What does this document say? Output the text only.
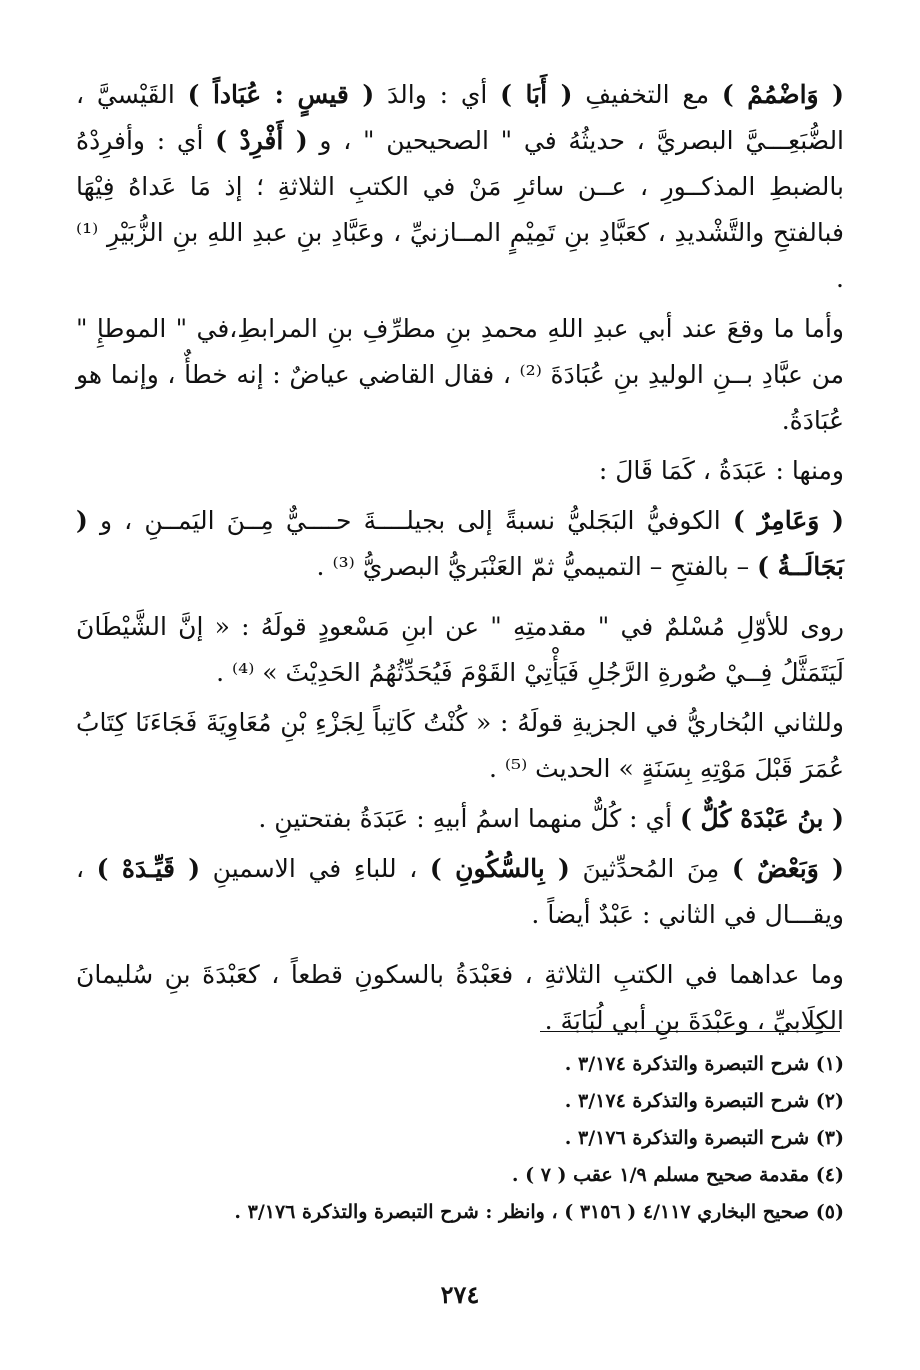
( وَاضْمُمْ ) مع التخفيفِ ( أَبَا ) أي : والدَ ( قيسٍ : عُبَاداً ) القَيْسيَّ ، الضُّبَعِـــيَّ البصريَّ ، حديثُهُ في " الصحيحين " ، و ( أَفْرِدْ ) أي : وأفرِدْهُ بالضبطِ المذكــورِ ، عــن سائرِ مَنْ في الكتبِ الثلاثةِ ؛ إذ مَا عَداهُ فِيْهَا فبالفتحِ والتَّشْديدِ ، كعَبَّادِ بنِ تَمِيْمٍ المــازنيِّ ، وعَبَّادِ بنِ عبدِ اللهِ بنِ الزُّبَيْرِ ⁽¹⁾ .

وأما ما وقعَ عند أبي عبدِ اللهِ محمدِ بنِ مطرِّفِ بنِ المرابطِ،في " الموطإِ " من عبَّادِ بــنِ الوليدِ بنِ عُبَادَةَ ⁽²⁾ ، فقال القاضي عياضٌ : إنه خطأٌ ، وإنما هو عُبَادَةُ.

ومنها : عَبَدَةُ ، كَمَا قَالَ :

( وَعَامِرٌ ) الكوفيُّ البَجَليُّ نسبةً إلى بجيلــــةَ حــــيٌّ مِــنَ اليَمــنِ ، و ( بَجَالَــةُ ) – بالفتحِ – التميميُّ ثمّ العَنْبَريُّ البصريُّ ⁽³⁾ .

روى للأوّلِ مُسْلمٌ في " مقدمتِهِ " عن ابنِ مَسْعودٍ قولَهُ : « إنَّ الشَّيْطَانَ لَيَتَمَثَّلُ فِــيْ صُورةِ الرَّجُلِ فَيَأْتِيْ القَوْمَ فَيُحَدِّثُهُمُ الحَدِيْثَ » ⁽⁴⁾ .

وللثاني البُخاريُّ في الجزيةِ قولَهُ : « كُنْتُ كَاتِباً لِجَزْءِ بْنِ مُعَاوِيَةَ فَجَاءَنَا كِتَابُ عُمَرَ قَبْلَ مَوْتِهِ بِسَنَةٍ » الحديث ⁽⁵⁾ .

( بنُ عَبْدَهْ كُلٌّ ) أي : كُلٌّ منهما اسمُ أبيهِ : عَبَدَةُ بفتحتينِ .

( وَبَعْضٌ ) مِنَ المُحدِّثينَ ( بِالسُّكُونِ ) ، للباءِ في الاسمينِ ( قَيِّـدَهْ ) ، ويقـــال في الثاني : عَبْدٌ أيضاً .

وما عداهما في الكتبِ الثلاثةِ ، فعَبْدَةُ بالسكونِ قطعاً ، كعَبْدَةَ بنِ سُليمانَ الكِلَابيِّ ، وعَبْدَةَ بنِ أبي لُبَابَةَ .

(١) شرح التبصرة والتذكرة ٣/١٧٤ .

(٢) شرح التبصرة والتذكرة ٣/١٧٤ .

(٣) شرح التبصرة والتذكرة ٣/١٧٦ .

(٤) مقدمة صحيح مسلم ١/٩ عقب ( ٧ ) .

(٥) صحيح البخاري ٤/١١٧ ( ٣١٥٦ ) ، وانظر : شرح التبصرة والتذكرة ٣/١٧٦ .

٢٧٤
